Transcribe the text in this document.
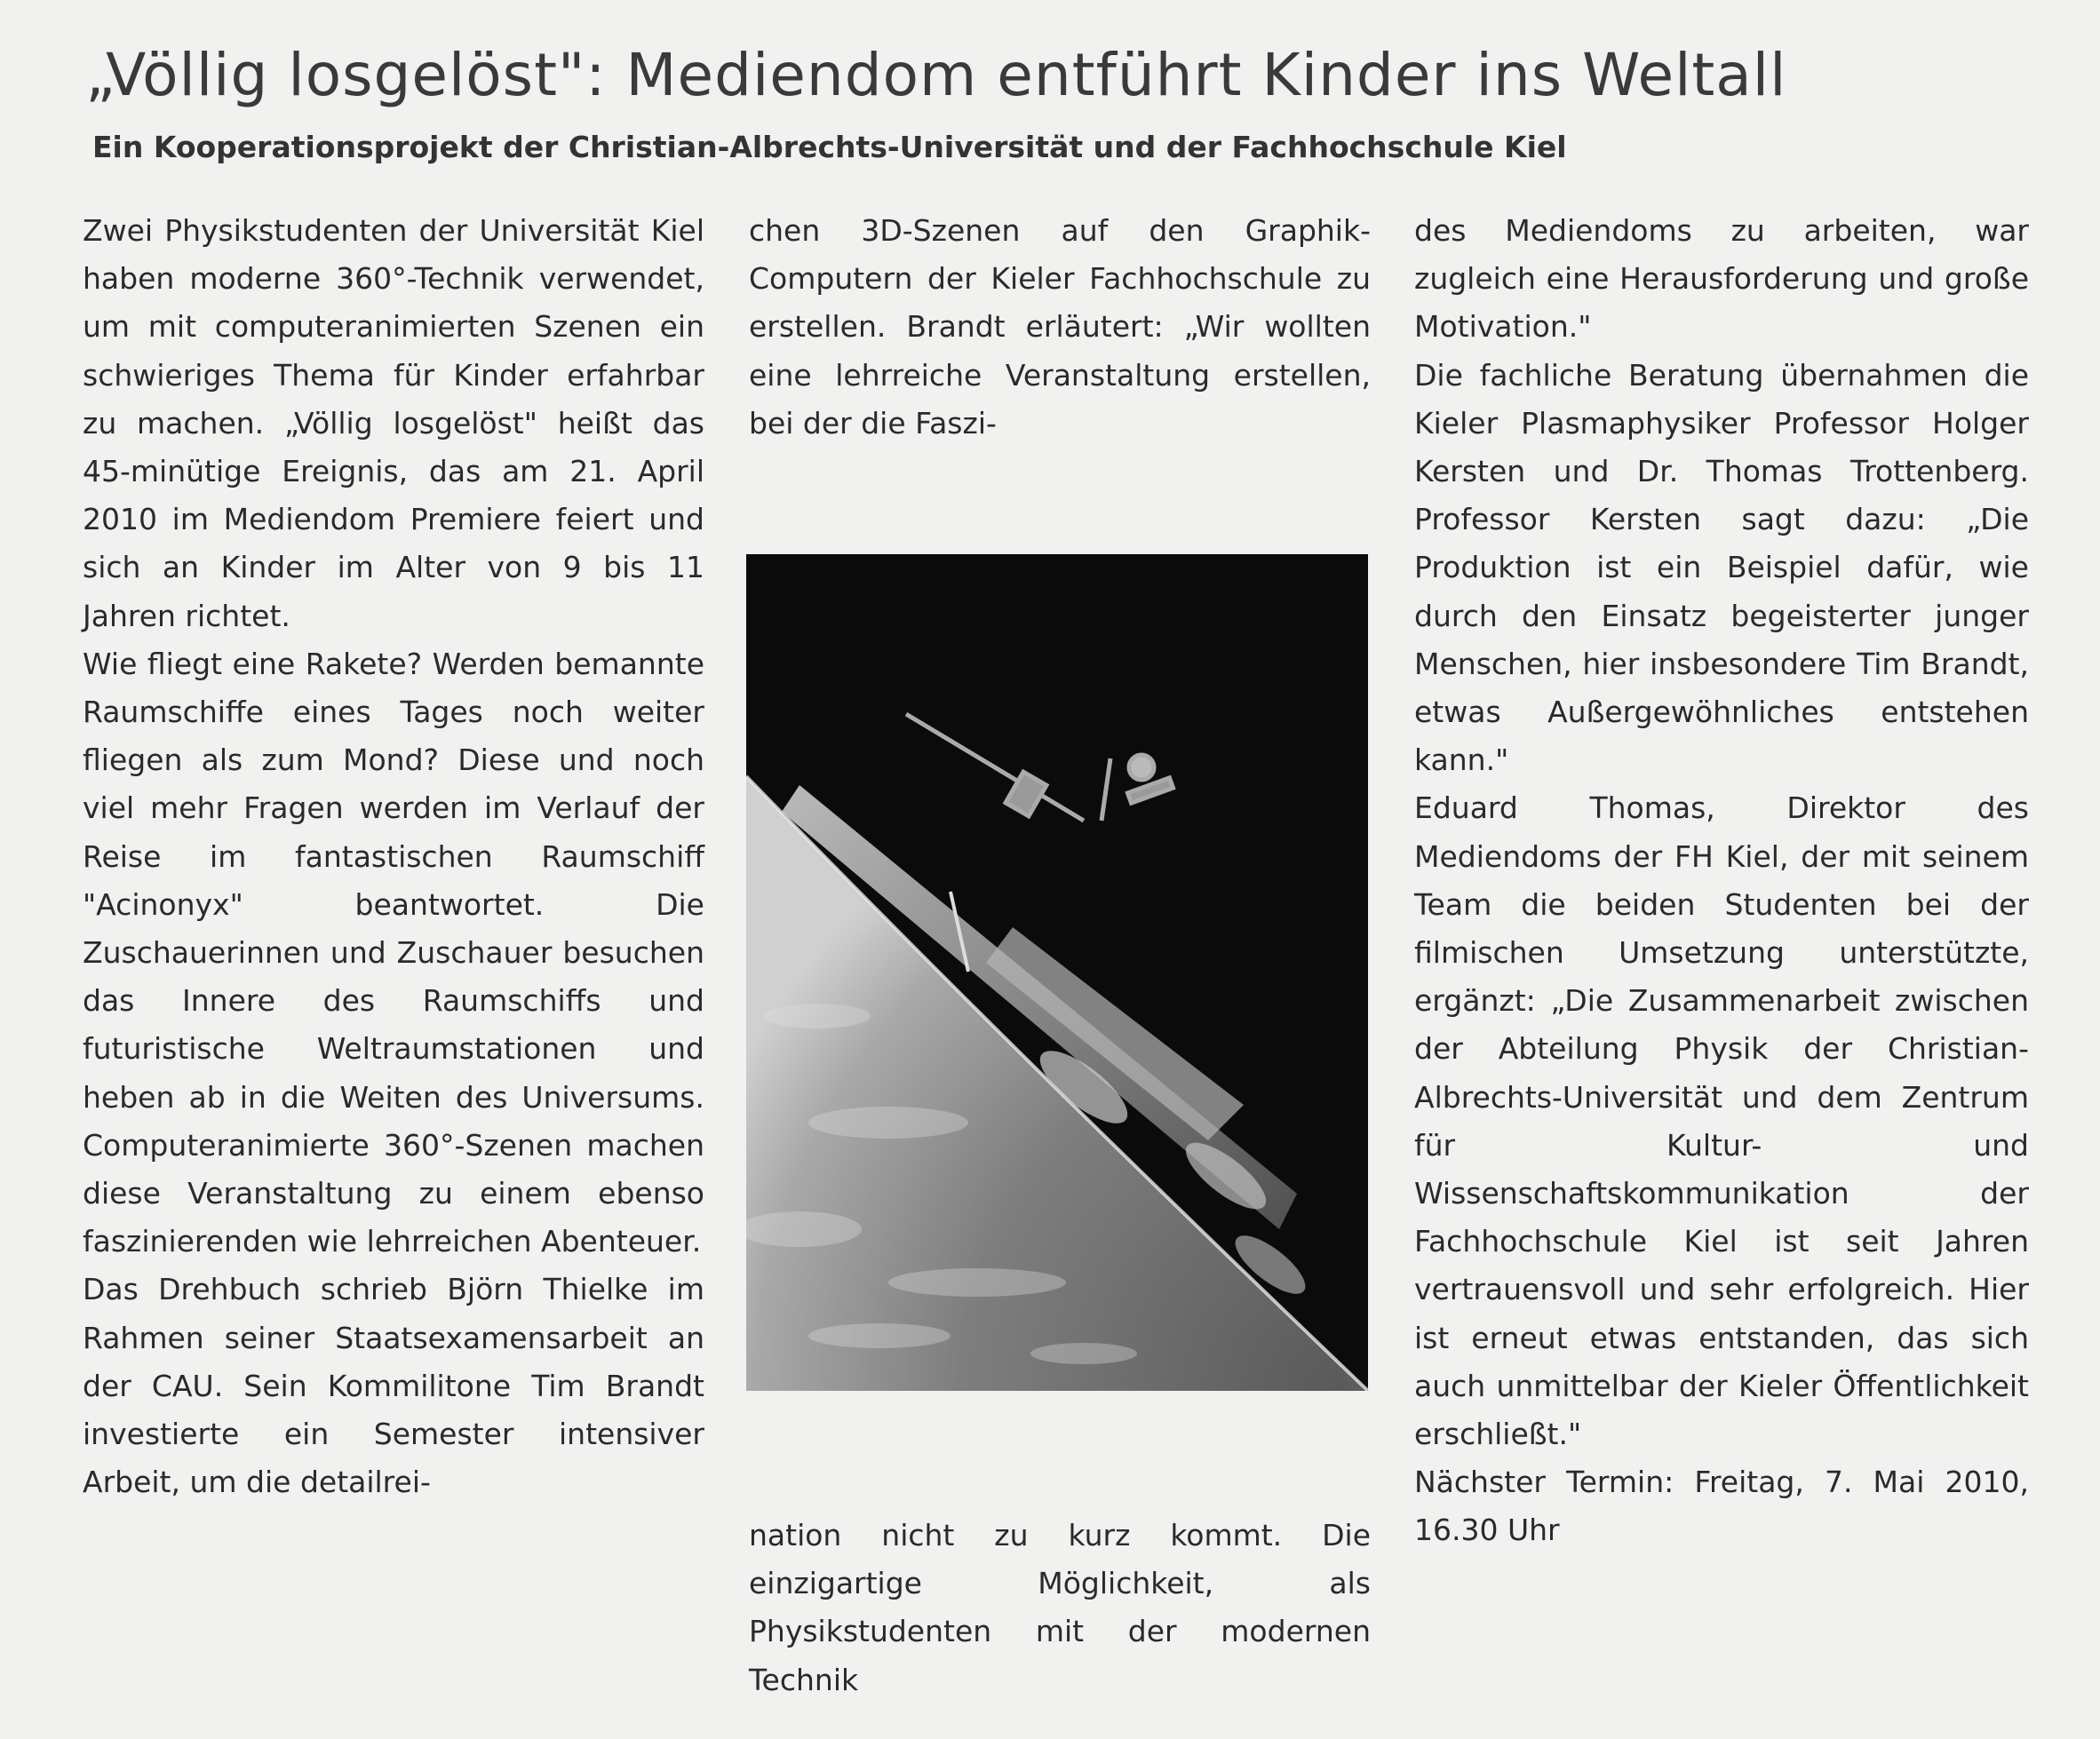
„Völlig losgelöst": Mediendom entführt Kinder ins Weltall
Ein Kooperationsprojekt der Christian-Albrechts-Universität und der Fachhochschule Kiel

Zwei Physikstudenten der Universität Kiel haben moderne 360°-Technik verwendet, um mit computeranimierten Szenen ein schwieriges Thema für Kinder erfahrbar zu machen. „Völlig losgelöst" heißt das 45-minütige Ereignis, das am 21. April 2010 im Mediendom Premiere feiert und sich an Kinder im Alter von 9 bis 11 Jahren richtet.

Wie fliegt eine Rakete? Werden bemannte Raumschiffe eines Tages noch weiter fliegen als zum Mond? Diese und noch viel mehr Fragen werden im Verlauf der Reise im fantastischen Raumschiff "Acinonyx" beantwortet. Die Zuschauerinnen und Zuschauer besuchen das Innere des Raumschiffs und futuristische Weltraumstationen und heben ab in die Weiten des Universums. Computeranimierte 360°-Szenen machen diese Veranstaltung zu einem ebenso faszinierenden wie lehrreichen Abenteuer.

Das Drehbuch schrieb Björn Thielke im Rahmen seiner Staatsexamensarbeit an der CAU. Sein Kommilitone Tim Brandt investierte ein Semester intensiver Arbeit, um die detailrei-

chen 3D-Szenen auf den Graphik-Computern der Kieler Fachhochschule zu erstellen. Brandt erläutert: „Wir wollten eine lehrreiche Veranstaltung erstellen, bei der die Faszi-

nation nicht zu kurz kommt. Die einzigartige Möglichkeit, als Physikstudenten mit der modernen Technik

des Mediendoms zu arbeiten, war zugleich eine Herausforderung und große Motivation."

Die fachliche Beratung übernahmen die Kieler Plasmaphysiker Professor Holger Kersten und Dr. Thomas Trottenberg. Professor Kersten sagt dazu: „Die Produktion ist ein Beispiel dafür, wie durch den Einsatz begeisterter junger Menschen, hier insbesondere Tim Brandt, etwas Außergewöhnliches entstehen kann."

Eduard Thomas, Direktor des Mediendoms der FH Kiel, der mit seinem Team die beiden Studenten bei der filmischen Umsetzung unterstützte, ergänzt: „Die Zusammenarbeit zwischen der Abteilung Physik der Christian-Albrechts-Universität und dem Zentrum für Kultur- und Wissenschaftskommunikation der Fachhochschule Kiel ist seit Jahren vertrauensvoll und sehr erfolgreich. Hier ist erneut etwas entstanden, das sich auch unmittelbar der Kieler Öffentlichkeit erschließt."

Nächster Termin: Freitag, 7. Mai 2010, 16.30 Uhr
